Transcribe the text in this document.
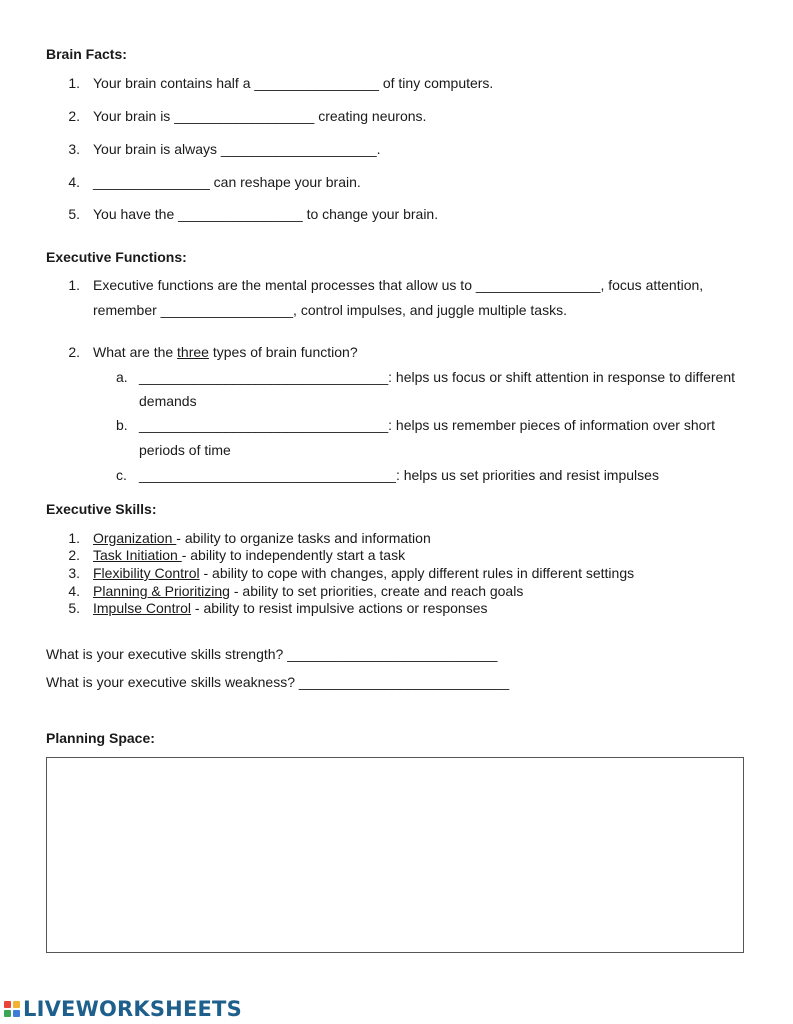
Brain Facts:
1. Your brain contains half a ________________ of tiny computers.
2. Your brain is __________________ creating neurons.
3. Your brain is always ____________________.
4. _______________ can reshape your brain.
5. You have the ________________ to change your brain.
Executive Functions:
1. Executive functions are the mental processes that allow us to ________________, focus attention,
remember _________________, control impulses, and juggle multiple tasks.
2. What are the three types of brain function?
a. ________________________________: helps us focus or shift attention in response to different
demands
b. ________________________________: helps us remember pieces of information over short
periods of time
c. _________________________________: helps us set priorities and resist impulses
Executive Skills:
1. Organization - ability to organize tasks and information
2. Task Initiation - ability to independently start a task
3. Flexibility Control - ability to cope with changes, apply different rules in different settings
4. Planning & Prioritizing - ability to set priorities, create and reach goals
5. Impulse Control - ability to resist impulsive actions or responses
What is your executive skills strength? ___________________________
What is your executive skills weakness? ___________________________
Planning Space:
LIVEWORKSHEETS
